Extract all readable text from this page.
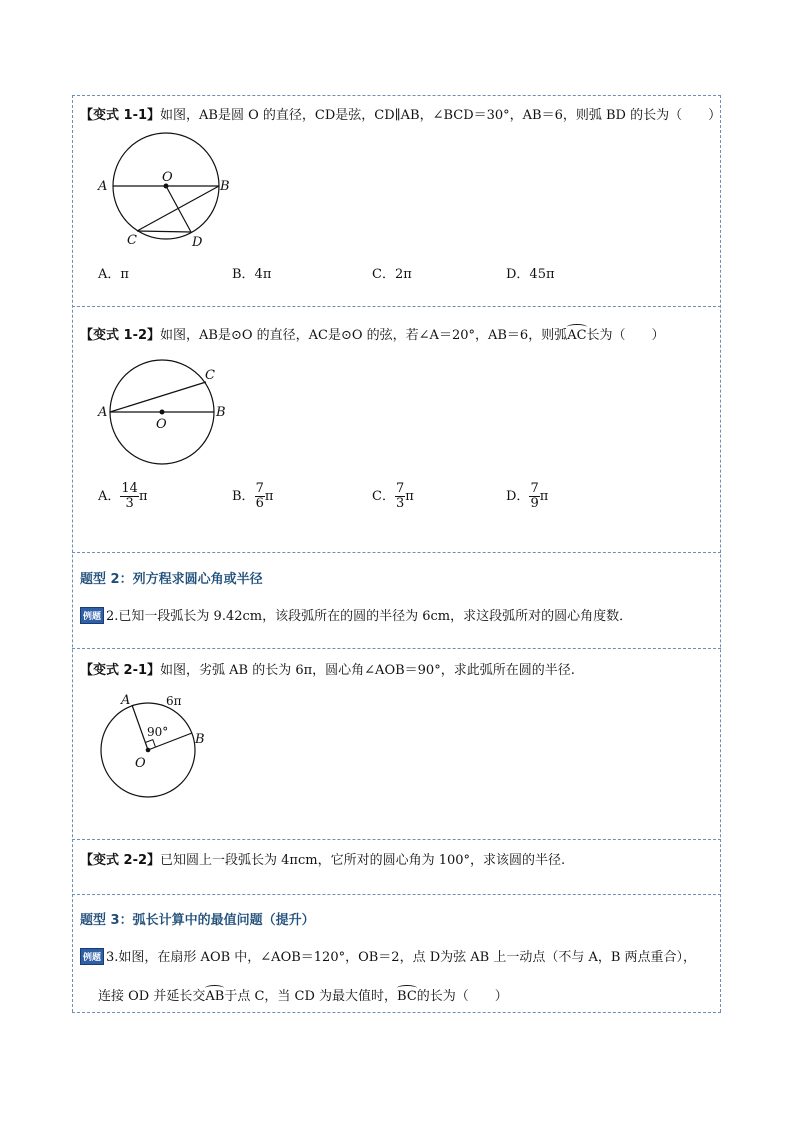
【变式 1-1】如图，AB是圆 O 的直径，CD是弦，CD∥AB，∠BCD＝30°，AB＝6，则弧 BD 的长为（　　）
A	B
O
C	D
A．π	B．4π	C．2π	D．45π
【变式 1-2】如图，AB是⊙O 的直径，AC是⊙O 的弦，若∠A＝20°，AB＝6，则弧AC长为（　　）
A	B
O
C
A． $\frac{14}{3}$ π	B． $\frac{7}{6}$ π	C． $\frac{7}{3}$ π	D． $\frac{7}{9}$ π
题型 2：列方程求圆心角或半径
例题 2.已知一段弧长为 9.42cm，该段弧所在的圆的半径为 6cm，求这段弧所对的圆心角度数．
【变式 2-1】如图，劣弧 AB 的长为 6π，圆心角∠AOB＝90°，求此弧所在圆的半径.
A
B
O
6π
90°
【变式 2-2】已知圆上一段弧长为 4πcm，它所对的圆心角为 100°，求该圆的半径.
题型 3：弧长计算中的最值问题（提升）
例题 3.如图，在扇形 AOB 中，∠AOB＝120°，OB＝2，点 D为弦 AB 上一动点（不与 A，B 两点重合），
连接 OD 并延长交AB于点 C，当 CD 为最大值时，BC的长为（　　）
